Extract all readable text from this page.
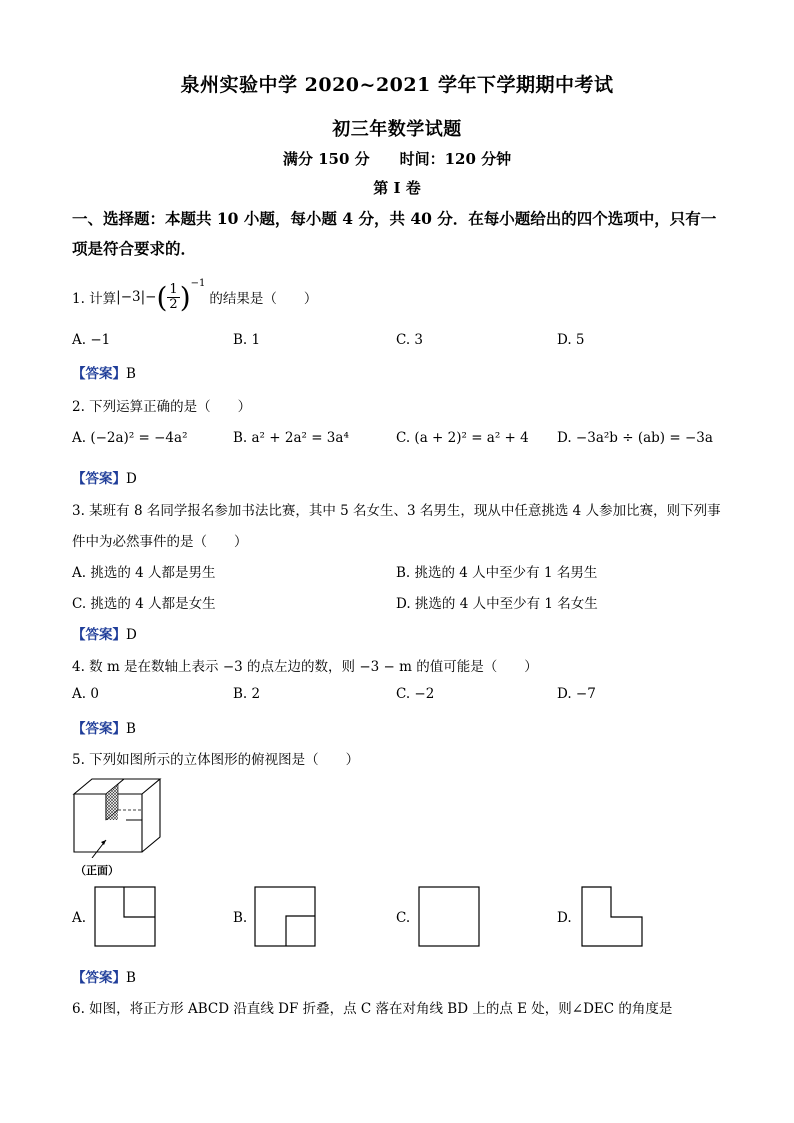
泉州实验中学 2020~2021 学年下学期期中考试
初三年数学试题
满分 150 分　　时间：120 分钟
第 I 卷
一、选择题：本题共 10 小题，每小题 4 分，共 40 分．在每小题给出的四个选项中，只有一
项是符合要求的．
1. 计算 |−3|− ( $\frac{1}{2}$ ) −1
的结果是（　　）
A. −1	B. 1	C. 3	D. 5
【答案】B
2. 下列运算正确的是（　　）
A. (−2a)² = −4a²	B. a² + 2a² = 3a⁴	C. (a + 2)² = a² + 4 D. −3a²b ÷ (ab) = −3a
【答案】D
3. 某班有 8 名同学报名参加书法比赛，其中 5 名女生、3 名男生，现从中任意挑选 4 人参加比赛，则下列事
件中为必然事件的是（　　）
A. 挑选的 4 人都是男生	B. 挑选的 4 人中至少有 1 名男生
C. 挑选的 4 人都是女生	D. 挑选的 4 人中至少有 1 名女生
【答案】D
4. 数 m 是在数轴上表示 −3 的点左边的数，则 −3 − m 的值可能是（　　）
A. 0	B. 2	C. −2	D. −7
【答案】B
5. 下列如图所示的立体图形的俯视图是（　　）
（正面）
A.	B.	C.	D.
【答案】B
6. 如图，将正方形 ABCD 沿直线 DF 折叠，点 C 落在对角线 BD 上的点 E 处，则∠DEC 的角度是
